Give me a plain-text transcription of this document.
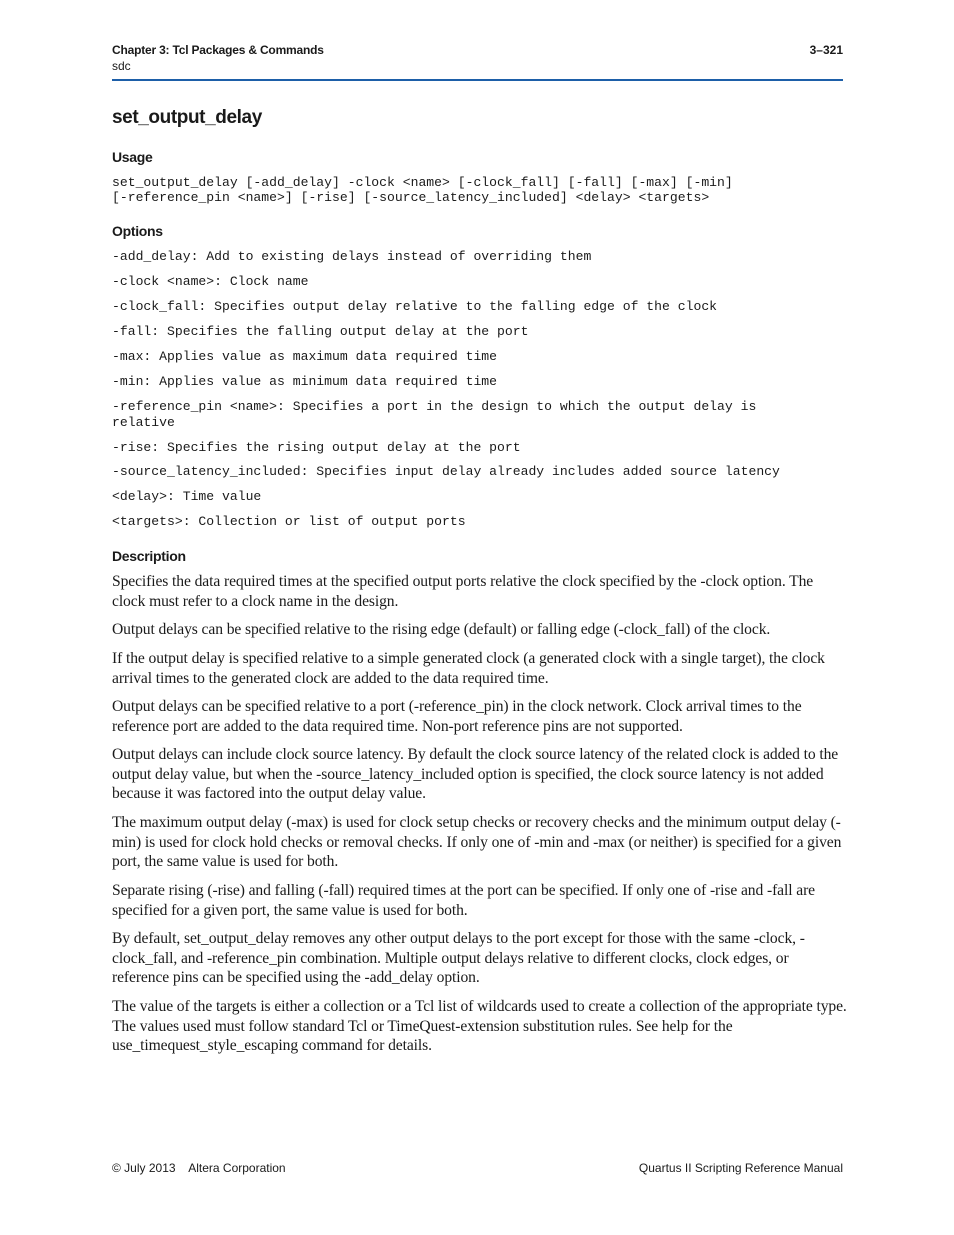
Chapter 3: Tcl Packages & Commands
sdc
3–321
set_output_delay
Usage
set_output_delay [-add_delay] -clock <name> [-clock_fall] [-fall] [-max] [-min]
[-reference_pin <name>] [-rise] [-source_latency_included] <delay> <targets>
Options
-add_delay: Add to existing delays instead of overriding them
-clock <name>: Clock name
-clock_fall: Specifies output delay relative to the falling edge of the clock
-fall: Specifies the falling output delay at the port
-max: Applies value as maximum data required time
-min: Applies value as minimum data required time
-reference_pin <name>: Specifies a port in the design to which the output delay is
relative
-rise: Specifies the rising output delay at the port
-source_latency_included: Specifies input delay already includes added source latency
<delay>: Time value
<targets>: Collection or list of output ports
Description

Specifies the data required times at the specified output ports relative the clock specified by the -clock option. The clock must refer to a clock name in the design.

Output delays can be specified relative to the rising edge (default) or falling edge (-clock_fall) of the clock.

If the output delay is specified relative to a simple generated clock (a generated clock with a single target), the clock arrival times to the generated clock are added to the data required time.

Output delays can be specified relative to a port (-reference_pin) in the clock network. Clock arrival times to the reference port are added to the data required time. Non-port reference pins are not supported.

Output delays can include clock source latency. By default the clock source latency of the related clock is added to the output delay value, but when the -source_latency_included option is specified, the clock source latency is not added because it was factored into the output delay value.

The maximum output delay (-max) is used for clock setup checks or recovery checks and the minimum output delay (-min) is used for clock hold checks or removal checks. If only one of -min and -max (or neither) is specified for a given port, the same value is used for both.

Separate rising (-rise) and falling (-fall) required times at the port can be specified. If only one of -rise and -fall are specified for a given port, the same value is used for both.

By default, set_output_delay removes any other output delays to the port except for those with the same -clock, -clock_fall, and -reference_pin combination. Multiple output delays relative to different clocks, clock edges, or reference pins can be specified using the -add_delay option.

The value of the targets is either a collection or a Tcl list of wildcards used to create a collection of the appropriate type. The values used must follow standard Tcl or TimeQuest-extension substitution rules. See help for the use_timequest_style_escaping command for details.

© July 2013    Altera Corporation	Quartus II Scripting Reference Manual
